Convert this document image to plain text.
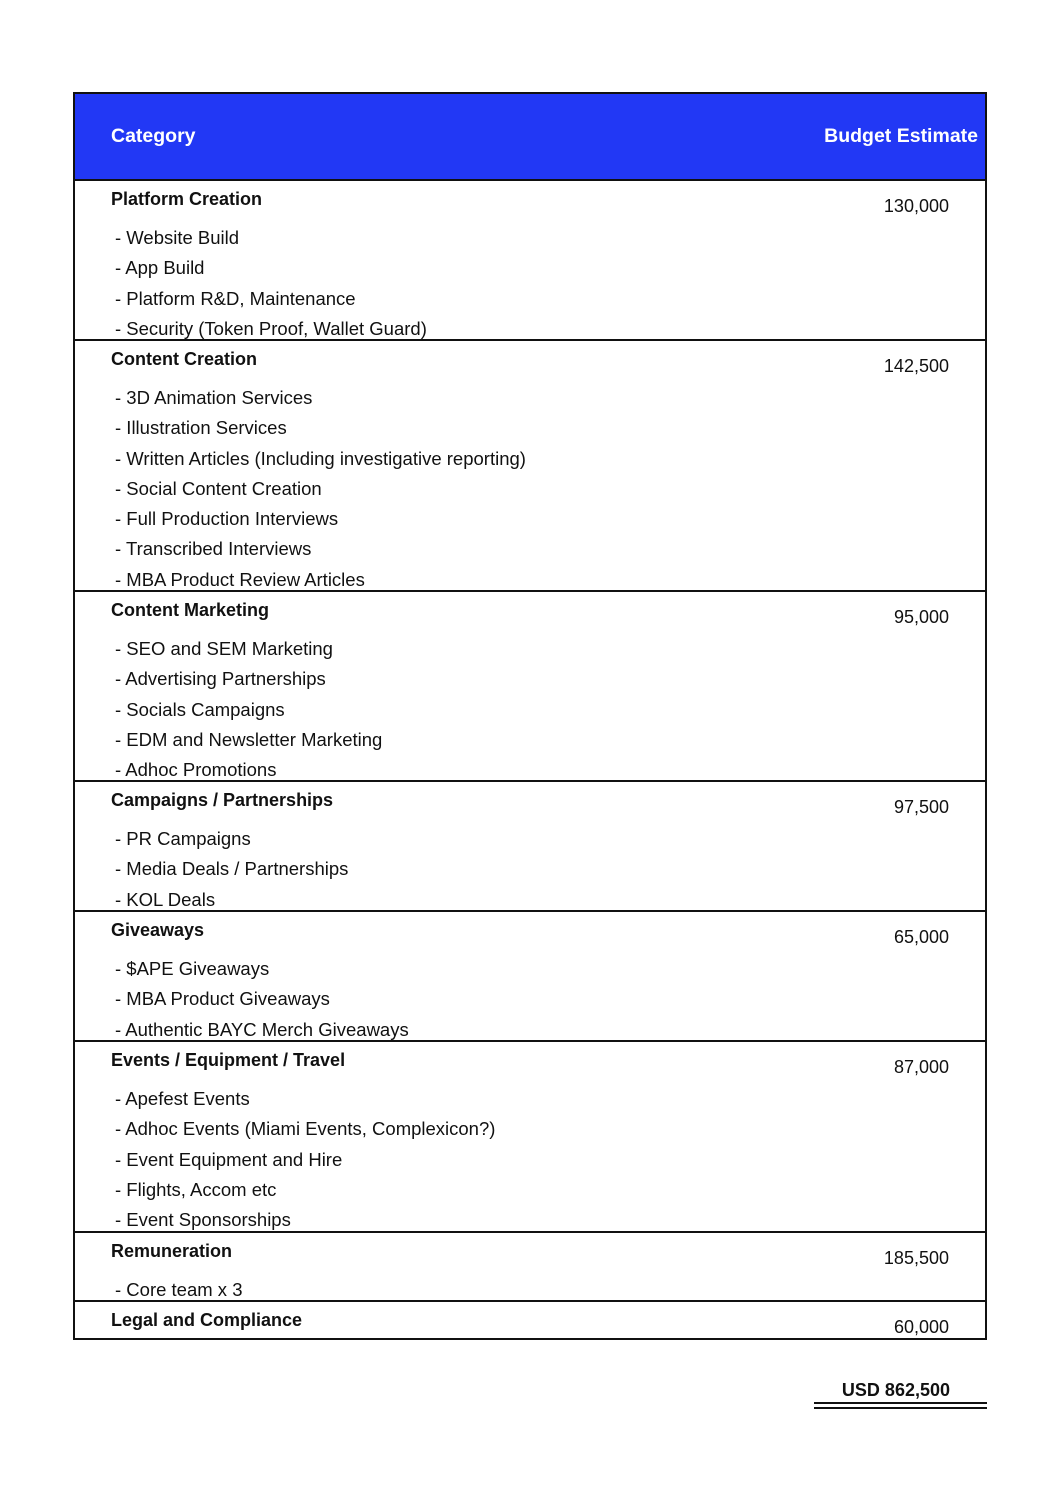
Category	Budget Estimate
Platform Creation	130,000
- Website Build
- App Build
- Platform R&D, Maintenance
- Security (Token Proof, Wallet Guard)
Content Creation	142,500
- 3D Animation Services
- Illustration Services
- Written Articles (Including investigative reporting)
- Social Content Creation
- Full Production Interviews
- Transcribed Interviews
- MBA Product Review Articles
Content Marketing	95,000
- SEO and SEM Marketing
- Advertising Partnerships
- Socials Campaigns
- EDM and Newsletter Marketing
- Adhoc Promotions
Campaigns / Partnerships	97,500
- PR Campaigns
- Media Deals / Partnerships
- KOL Deals
Giveaways	65,000
- $APE Giveaways
- MBA Product Giveaways
- Authentic BAYC Merch Giveaways
Events / Equipment / Travel	87,000
- Apefest Events
- Adhoc Events (Miami Events, Complexicon?)
- Event Equipment and Hire
- Flights, Accom etc
- Event Sponsorships
Remuneration	185,500
- Core team x 3
Legal and Compliance	60,000
USD 862,500
